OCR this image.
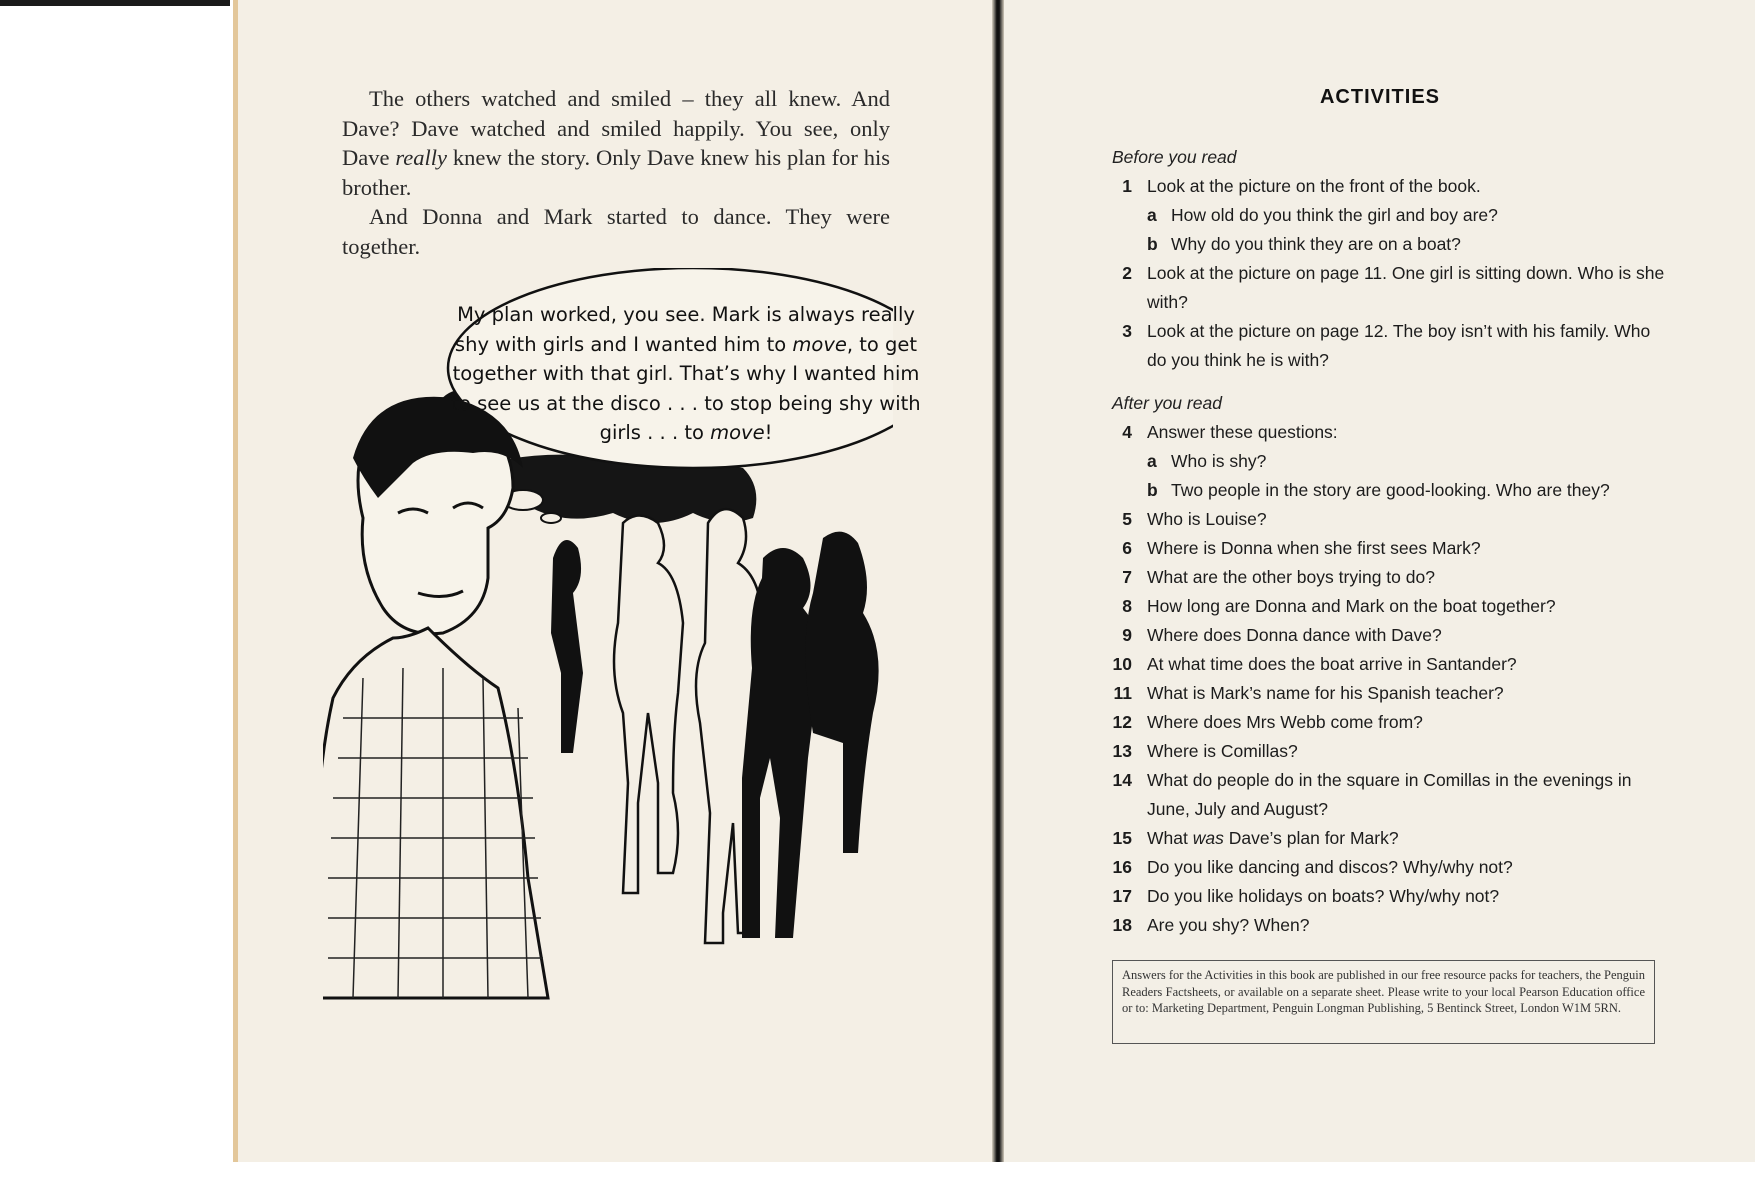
The others watched and smiled – they all knew. And Dave? Dave watched and smiled happily. You see, only Dave really knew the story. Only Dave knew his plan for his brother.

And Donna and Mark started to dance. They were together.

My plan worked, you see. Mark is always really shy with girls and I wanted him to move, to get together with that girl. That’s why I wanted him to see us at the disco . . . to stop being shy with girls . . . to move!
ACTIVITIES
Before you read
1 Look at the picture on the front of the book.
a How old do you think the girl and boy are?
b Why do you think they are on a boat?
2 Look at the picture on page 11. One girl is sitting down. Who is she with?
3 Look at the picture on page 12. The boy isn’t with his family. Who do you think he is with?
After you read
4 Answer these questions:
a Who is shy?
b Two people in the story are good-looking. Who are they?
5 Who is Louise?
6 Where is Donna when she first sees Mark?
7 What are the other boys trying to do?
8 How long are Donna and Mark on the boat together?
9 Where does Donna dance with Dave?
10 At what time does the boat arrive in Santander?
11 What is Mark’s name for his Spanish teacher?
12 Where does Mrs Webb come from?
13 Where is Comillas?
14 What do people do in the square in Comillas in the evenings in June, July and August?
15 What was Dave’s plan for Mark?
16 Do you like dancing and discos? Why/why not?
17 Do you like holidays on boats? Why/why not?
18 Are you shy? When?
Answers for the Activities in this book are published in our free resource packs for teachers, the Penguin Readers Factsheets, or available on a separate sheet. Please write to your local Pearson Education office or to: Marketing Department, Penguin Longman Publishing, 5 Bentinck Street, London W1M 5RN.
